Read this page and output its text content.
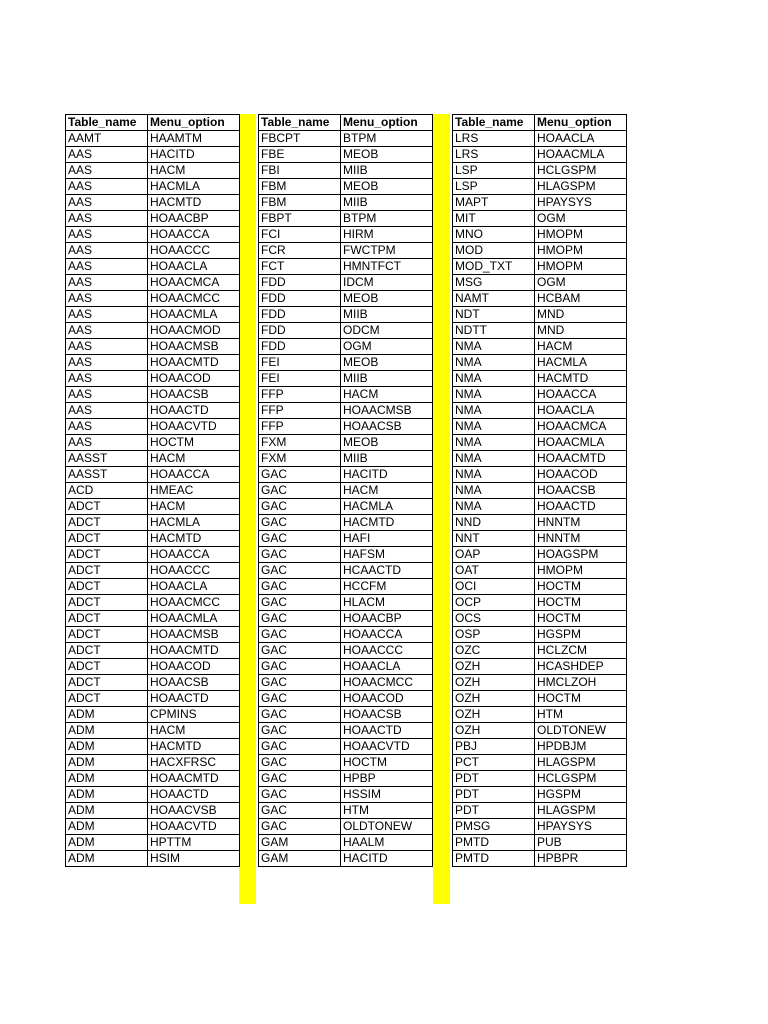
Table_name	Menu_option
AAMT	HAAMTM
AAS	HACITD
AAS	HACM
AAS	HACMLA
AAS	HACMTD
AAS	HOAACBP
AAS	HOAACCA
AAS	HOAACCC
AAS	HOAACLA
AAS	HOAACMCA
AAS	HOAACMCC
AAS	HOAACMLA
AAS	HOAACMOD
AAS	HOAACMSB
AAS	HOAACMTD
AAS	HOAACOD
AAS	HOAACSB
AAS	HOAACTD
AAS	HOAACVTD
AAS	HOCTM
AASST	HACM
AASST	HOAACCA
ACD	HMEAC
ADCT	HACM
ADCT	HACMLA
ADCT	HACMTD
ADCT	HOAACCA
ADCT	HOAACCC
ADCT	HOAACLA
ADCT	HOAACMCC
ADCT	HOAACMLA
ADCT	HOAACMSB
ADCT	HOAACMTD
ADCT	HOAACOD
ADCT	HOAACSB
ADCT	HOAACTD
ADM	CPMINS
ADM	HACM
ADM	HACMTD
ADM	HACXFRSC
ADM	HOAACMTD
ADM	HOAACTD
ADM	HOAACVSB
ADM	HOAACVTD
ADM	HPTTM
ADM	HSIM
Table_name	Menu_option
FBCPT	BTPM
FBE	MEOB
FBI	MIIB
FBM	MEOB
FBM	MIIB
FBPT	BTPM
FCI	HIRM
FCR	FWCTPM
FCT	HMNTFCT
FDD	IDCM
FDD	MEOB
FDD	MIIB
FDD	ODCM
FDD	OGM
FEI	MEOB
FEI	MIIB
FFP	HACM
FFP	HOAACMSB
FFP	HOAACSB
FXM	MEOB
FXM	MIIB
GAC	HACITD
GAC	HACM
GAC	HACMLA
GAC	HACMTD
GAC	HAFI
GAC	HAFSM
GAC	HCAACTD
GAC	HCCFM
GAC	HLACM
GAC	HOAACBP
GAC	HOAACCA
GAC	HOAACCC
GAC	HOAACLA
GAC	HOAACMCC
GAC	HOAACOD
GAC	HOAACSB
GAC	HOAACTD
GAC	HOAACVTD
GAC	HOCTM
GAC	HPBP
GAC	HSSIM
GAC	HTM
GAC	OLDTONEW
GAM	HAALM
GAM	HACITD
Table_name	Menu_option
LRS	HOAACLA
LRS	HOAACMLA
LSP	HCLGSPM
LSP	HLAGSPM
MAPT	HPAYSYS
MIT	OGM
MNO	HMOPM
MOD	HMOPM
MOD_TXT	HMOPM
MSG	OGM
NAMT	HCBAM
NDT	MND
NDTT	MND
NMA	HACM
NMA	HACMLA
NMA	HACMTD
NMA	HOAACCA
NMA	HOAACLA
NMA	HOAACMCA
NMA	HOAACMLA
NMA	HOAACMTD
NMA	HOAACOD
NMA	HOAACSB
NMA	HOAACTD
NND	HNNTM
NNT	HNNTM
OAP	HOAGSPM
OAT	HMOPM
OCI	HOCTM
OCP	HOCTM
OCS	HOCTM
OSP	HGSPM
OZC	HCLZCM
OZH	HCASHDEP
OZH	HMCLZOH
OZH	HOCTM
OZH	HTM
OZH	OLDTONEW
PBJ	HPDBJM
PCT	HLAGSPM
PDT	HCLGSPM
PDT	HGSPM
PDT	HLAGSPM
PMSG	HPAYSYS
PMTD	PUB
PMTD	HPBPR
